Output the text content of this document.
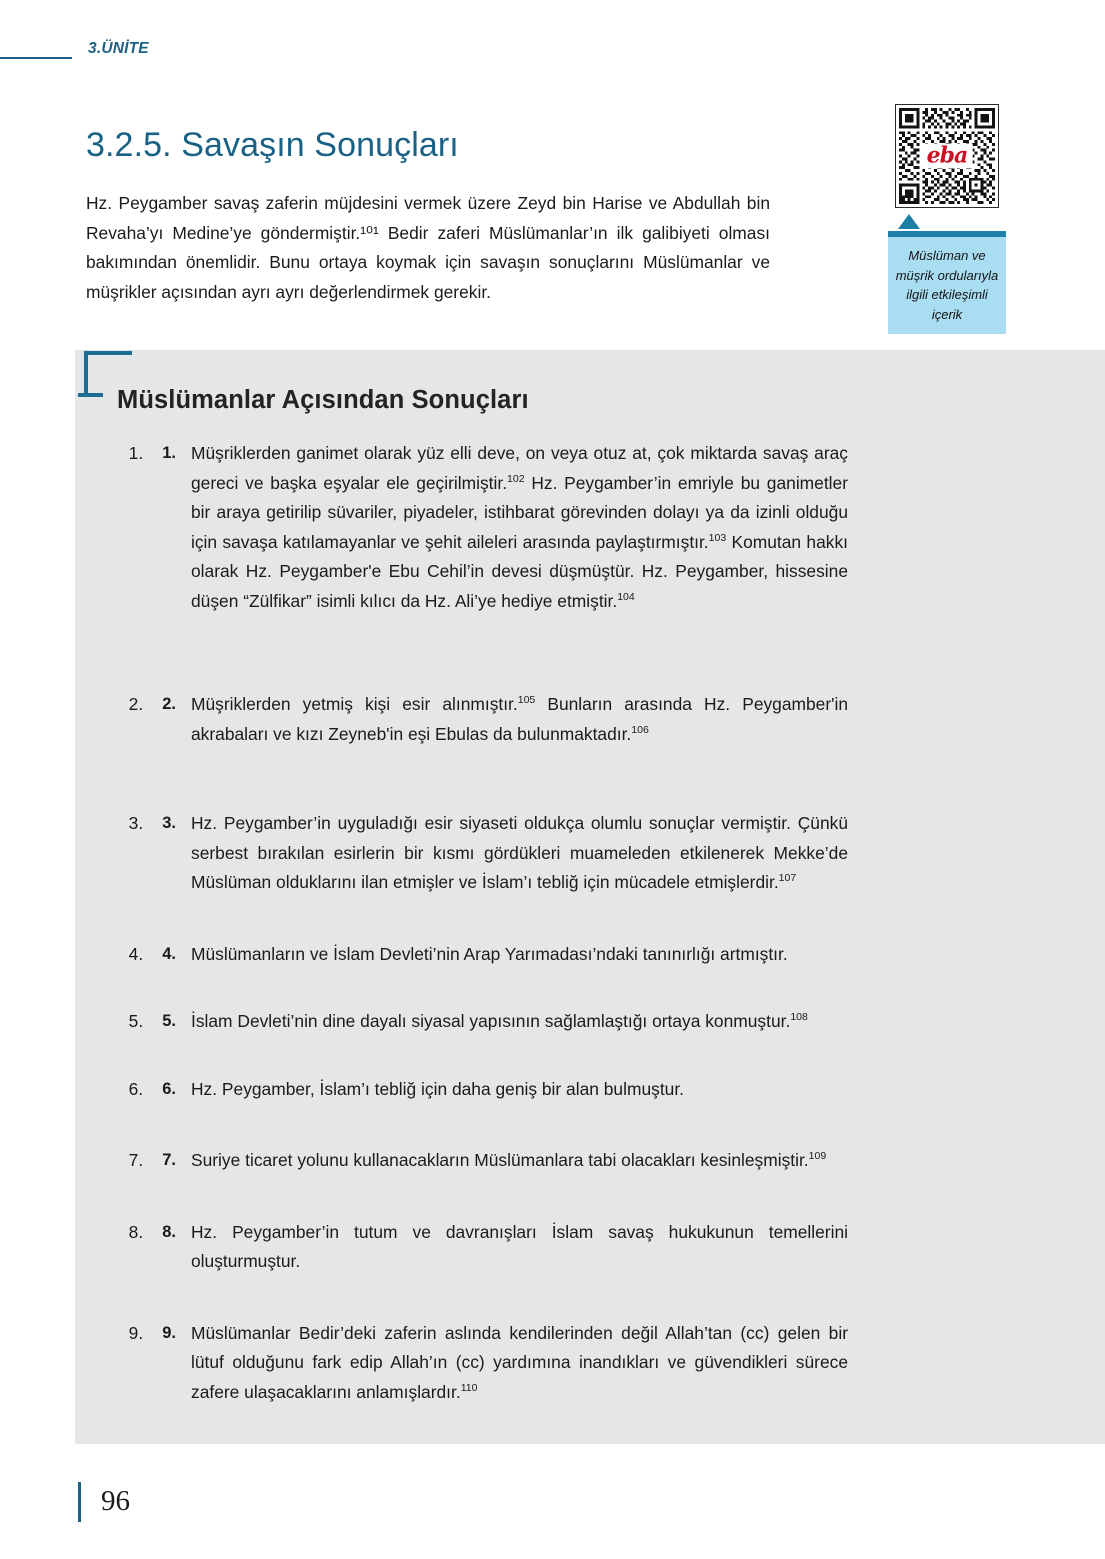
3.ÜNİTE
3.2.5. Savaşın Sonuçları

Hz. Peygamber savaş zaferin müjdesini vermek üzere Zeyd bin Harise ve Abdullah bin Revaha’yı Medine’ye göndermiştir.¹⁰¹ Bedir zaferi Müslümanlar’ın ilk galibiyeti olması bakımından önemlidir. Bunu ortaya koymak için savaşın sonuçlarını Müslümanlar ve müşrikler açısından ayrı ayrı değerlendirmek gerekir.

eba
Müslüman ve müşrik ordularıyla ilgili etkileşimli içerik
Müslümanlar Açısından Sonuçları
1. 1. Müşriklerden ganimet olarak yüz elli deve, on veya otuz at, çok miktarda savaş araç gereci ve başka eşyalar ele geçirilmiştir.$^{102}$ Hz. Peygamber’in emriyle bu ganimetler bir araya getirilip süvariler, piyadeler, istihbarat görevinden dolayı ya da izinli olduğu için savaşa katılamayanlar ve şehit aileleri arasında paylaştırmıştır.$^{103}$ Komutan hakkı olarak Hz. Peygamber'e Ebu Cehil’in devesi düşmüştür. Hz. Peygamber, hissesine düşen “Zülfikar” isimli kılıcı da Hz. Ali’ye hediye etmiştir.$^{104}$
2. 2. Müşriklerden yetmiş kişi esir alınmıştır.$^{105}$ Bunların arasında Hz. Peygamber'in akrabaları ve kızı Zeyneb'in eşi Ebulas da bulunmaktadır.$^{106}$
3. 3. Hz. Peygamber’in uyguladığı esir siyaseti oldukça olumlu sonuçlar vermiştir. Çünkü serbest bırakılan esirlerin bir kısmı gördükleri muameleden etkilenerek Mekke’de Müslüman olduklarını ilan etmişler ve İslam’ı tebliğ için mücadele etmişlerdir.$^{107}$
4. 4. Müslümanların ve İslam Devleti’nin Arap Yarımadası’ndaki tanınırlığı artmıştır.
5. 5. İslam Devleti’nin dine dayalı siyasal yapısının sağlamlaştığı ortaya konmuştur.$^{108}$
6. 6. Hz. Peygamber, İslam’ı tebliğ için daha geniş bir alan bulmuştur.
7. 7. Suriye ticaret yolunu kullanacakların Müslümanlara tabi olacakları kesinleşmiştir.$^{109}$
8. 8. Hz. Peygamber’in tutum ve davranışları İslam savaş hukukunun temellerini oluşturmuştur.
9. 9. Müslümanlar Bedir’deki zaferin aslında kendilerinden değil Allah’tan (cc) gelen bir lütuf olduğunu fark edip Allah’ın (cc) yardımına inandıkları ve güvendikleri sürece zafere ulaşacaklarını anlamışlardır.$^{110}$
96
